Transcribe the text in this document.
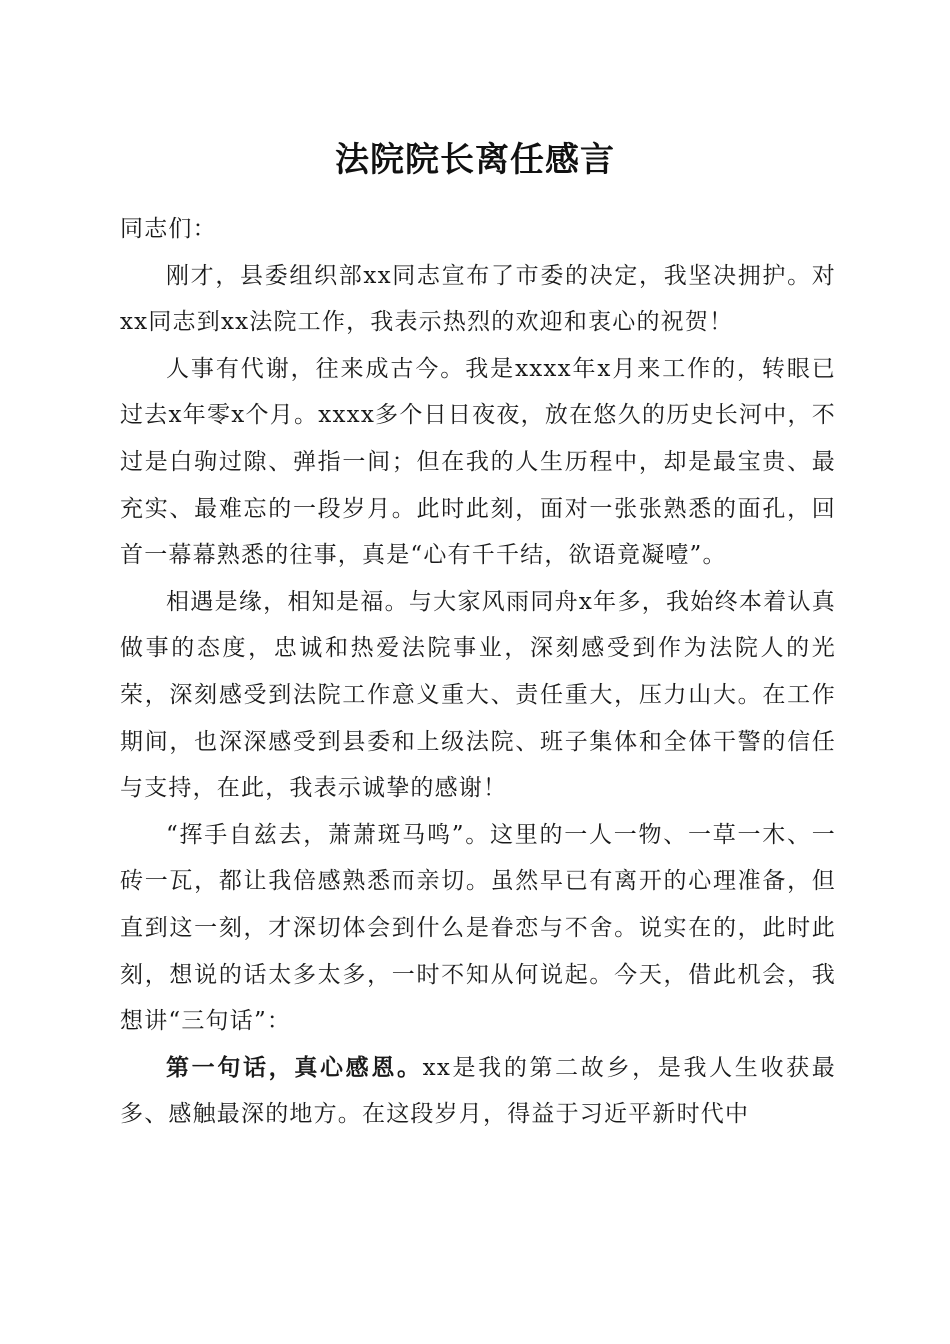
法院院长离任感言

同志们：

刚才，县委组织部xx同志宣布了市委的决定，我坚决拥护。对xx同志到xx法院工作，我表示热烈的欢迎和衷心的祝贺！

人事有代谢，往来成古今。我是xxxx年x月来工作的，转眼已过去x年零x个月。xxxx多个日日夜夜，放在悠久的历史长河中，不过是白驹过隙、弹指一间；但在我的人生历程中，却是最宝贵、最充实、最难忘的一段岁月。此时此刻，面对一张张熟悉的面孔，回首一幕幕熟悉的往事，真是“心有千千结，欲语竟凝噎”。

相遇是缘，相知是福。与大家风雨同舟x年多，我始终本着认真做事的态度，忠诚和热爱法院事业，深刻感受到作为法院人的光荣，深刻感受到法院工作意义重大、责任重大，压力山大。在工作期间，也深深感受到县委和上级法院、班子集体和全体干警的信任与支持，在此，我表示诚挚的感谢！

“挥手自兹去，萧萧斑马鸣”。这里的一人一物、一草一木、一砖一瓦，都让我倍感熟悉而亲切。虽然早已有离开的心理准备，但直到这一刻，才深切体会到什么是眷恋与不舍。说实在的，此时此刻，想说的话太多太多，一时不知从何说起。今天，借此机会，我想讲“三句话”：

第一句话，真心感恩。xx是我的第二故乡，是我人生收获最多、感触最深的地方。在这段岁月，得益于习近平新时代中
